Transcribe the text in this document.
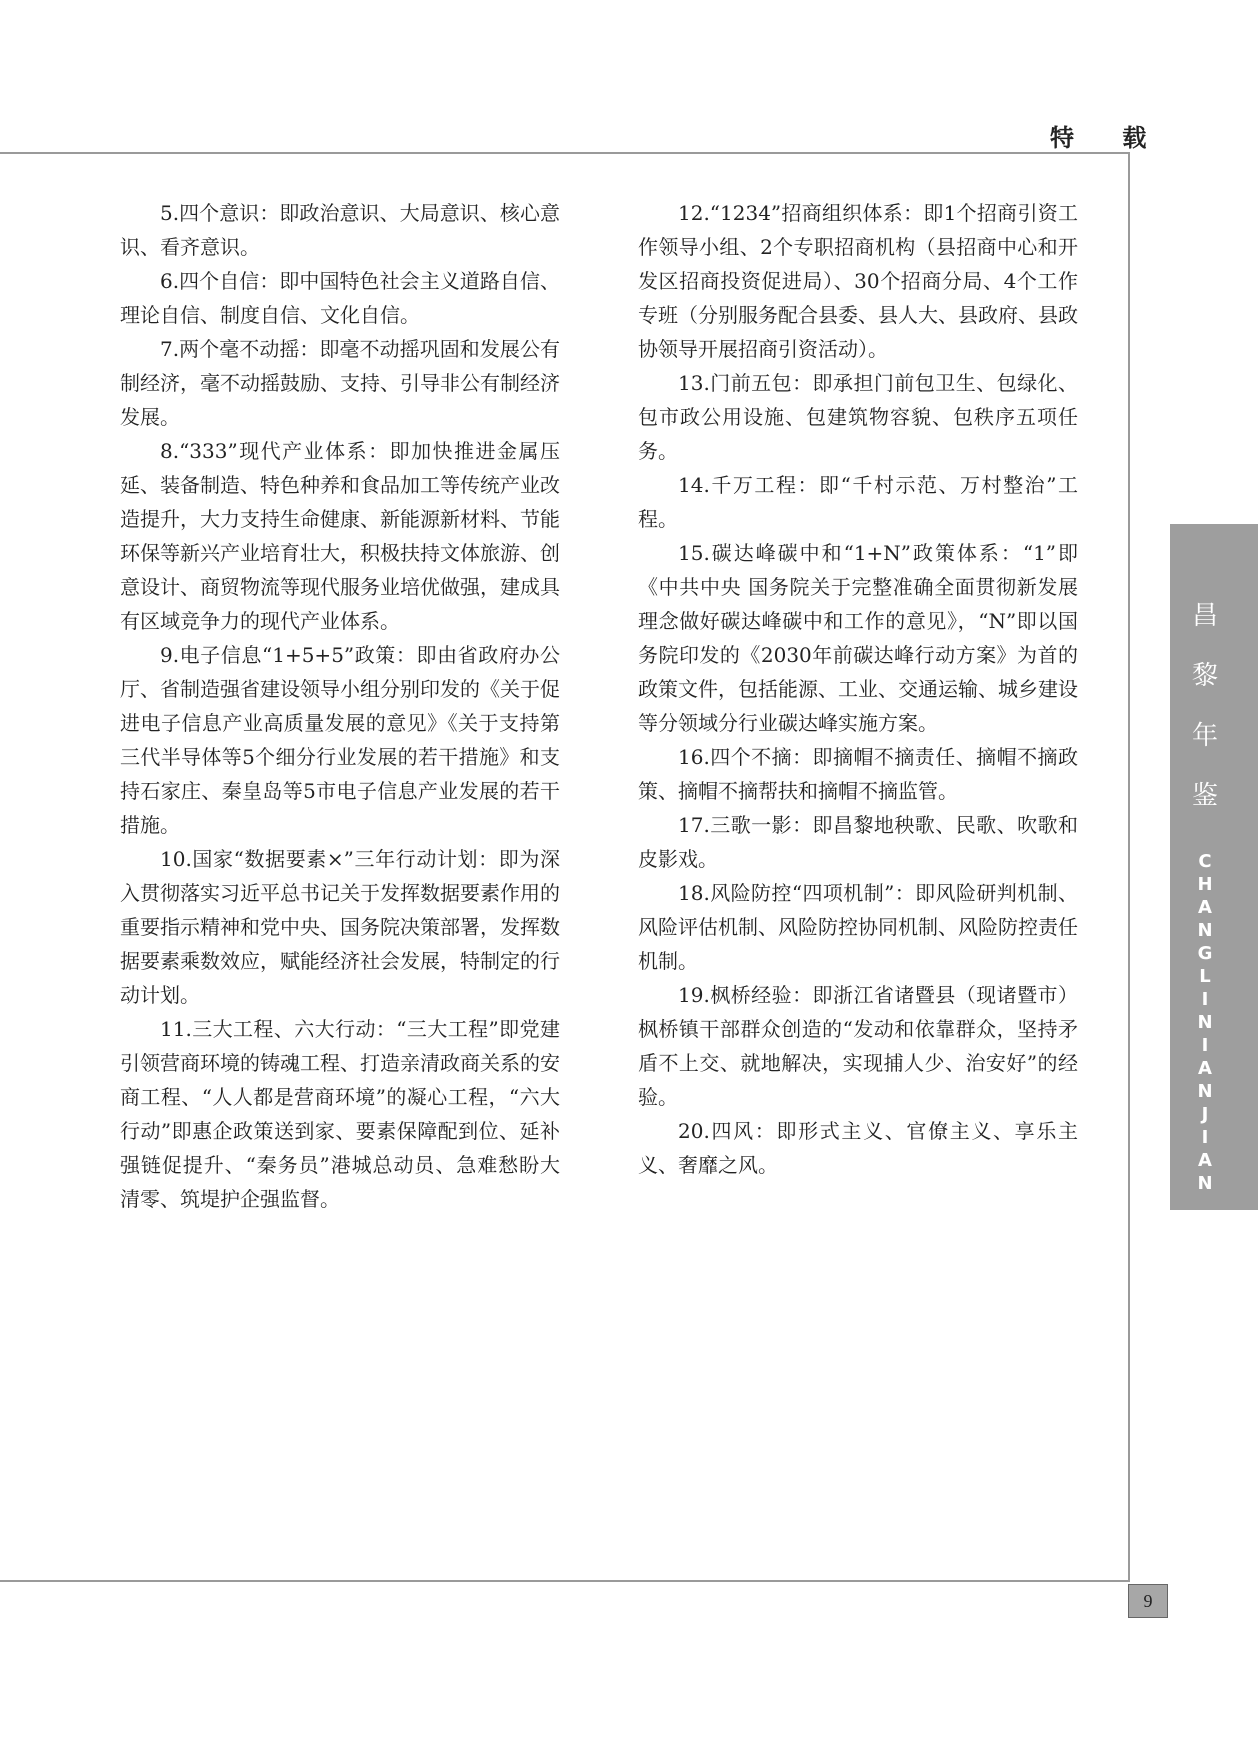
特 载

5.四个意识：即政治意识、大局意识、核心意识、看齐意识。

6.四个自信：即中国特色社会主义道路自信、理论自信、制度自信、文化自信。

7.两个毫不动摇：即毫不动摇巩固和发展公有制经济，毫不动摇鼓励、支持、引导非公有制经济发展。

8.“333”现代产业体系：即加快推进金属压延、装备制造、特色种养和食品加工等传统产业改造提升，大力支持生命健康、新能源新材料、节能环保等新兴产业培育壮大，积极扶持文体旅游、创意设计、商贸物流等现代服务业培优做强，建成具有区域竞争力的现代产业体系。

9.电子信息“1+5+5”政策：即由省政府办公厅、省制造强省建设领导小组分别印发的《关于促进电子信息产业高质量发展的意见》《关于支持第三代半导体等5个细分行业发展的若干措施》和支持石家庄、秦皇岛等5市电子信息产业发展的若干措施。

10.国家“数据要素×”三年行动计划：即为深入贯彻落实习近平总书记关于发挥数据要素作用的重要指示精神和党中央、国务院决策部署，发挥数据要素乘数效应，赋能经济社会发展，特制定的行动计划。

11.三大工程、六大行动：“三大工程”即党建引领营商环境的铸魂工程、打造亲清政商关系的安商工程、“人人都是营商环境”的凝心工程，“六大行动”即惠企政策送到家、要素保障配到位、延补强链促提升、“秦务员”港城总动员、急难愁盼大清零、筑堤护企强监督。

12.“1234”招商组织体系：即1个招商引资工作领导小组、2个专职招商机构（县招商中心和开发区招商投资促进局）、30个招商分局、4个工作专班（分别服务配合县委、县人大、县政府、县政协领导开展招商引资活动）。

13.门前五包：即承担门前包卫生、包绿化、包市政公用设施、包建筑物容貌、包秩序五项任务。

14.千万工程：即“千村示范、万村整治”工程。

15.碳达峰碳中和“1+N”政策体系：“1”即《中共中央 国务院关于完整准确全面贯彻新发展理念做好碳达峰碳中和工作的意见》，“N”即以国务院印发的《2030年前碳达峰行动方案》为首的政策文件，包括能源、工业、交通运输、城乡建设等分领域分行业碳达峰实施方案。

16.四个不摘：即摘帽不摘责任、摘帽不摘政策、摘帽不摘帮扶和摘帽不摘监管。

17.三歌一影：即昌黎地秧歌、民歌、吹歌和皮影戏。

18.风险防控“四项机制”：即风险研判机制、风险评估机制、风险防控协同机制、风险防控责任机制。

19.枫桥经验：即浙江省诸暨县（现诸暨市）枫桥镇干部群众创造的“发动和依靠群众，坚持矛盾不上交、就地解决，实现捕人少、治安好”的经验。

20.四风：即形式主义、官僚主义、享乐主义、奢靡之风。

昌
黎
年
鉴
C
H
A
N
G
L
I
N
I
A
N
J
I
A
N
9
